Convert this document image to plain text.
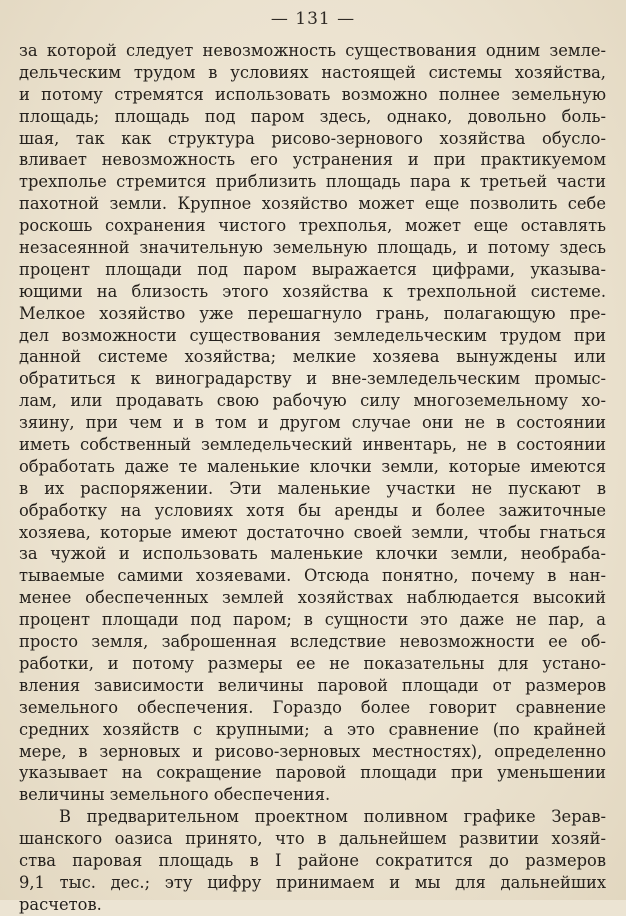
— 131 —
за которой следует невозможность существования одним земле-
дельческим трудом в условиях настоящей системы хозяйства,
и потому стремятся использовать возможно полнее земельную
площадь; площадь под паром здесь, однако, довольно боль-
шая, так как структура рисово-зернового хозяйства обусло-
вливает невозможность его устранения и при практикуемом
трехполье стремится приблизить площадь пара к третьей части
пахотной земли. Крупное хозяйство может еще позволить себе
роскошь сохранения чистого трехполья, может еще оставлять
незасеянной значительную земельную площадь, и потому здесь
процент площади под паром выражается цифрами, указыва-
ющими на близость этого хозяйства к трехпольной системе.
Мелкое хозяйство уже перешагнуло грань, полагающую пре-
дел возможности существования земледельческим трудом при
данной системе хозяйства; мелкие хозяева вынуждены или
обратиться к виноградарству и вне-земледельческим промыс-
лам, или продавать свою рабочую силу многоземельному хо-
зяину, при чем и в том и другом случае они не в состоянии
иметь собственный земледельческий инвентарь, не в состоянии
обработать даже те маленькие клочки земли, которые имеются
в их распоряжении. Эти маленькие участки не пускают в
обработку на условиях хотя бы аренды и более зажиточные
хозяева, которые имеют достаточно своей земли, чтобы гнаться
за чужой и использовать маленькие клочки земли, необраба-
тываемые самими хозяевами. Отсюда понятно, почему в нан-
менее обеспеченных землей хозяйствах наблюдается высокий
процент площади под паром; в сущности это даже не пар, а
просто земля, заброшенная вследствие невозможности ее об-
работки, и потому размеры ее не показательны для устано-
вления зависимости величины паровой площади от размеров
земельного обеспечения. Гораздо более говорит сравнение
средних хозяйств с крупными; а это сравнение (по крайней
мере, в зерновых и рисово-зерновых местностях), определенно
указывает на сокращение паровой площади при уменьшении
величины земельного обеспечения.
В предварительном проектном поливном графике Зерав-
шанского оазиса принято, что в дальнейшем развитии хозяй-
ства паровая площадь в I районе сократится до размеров
9,1 тыс. дес.; эту цифру принимаем и мы для дальнейших
расчетов.
